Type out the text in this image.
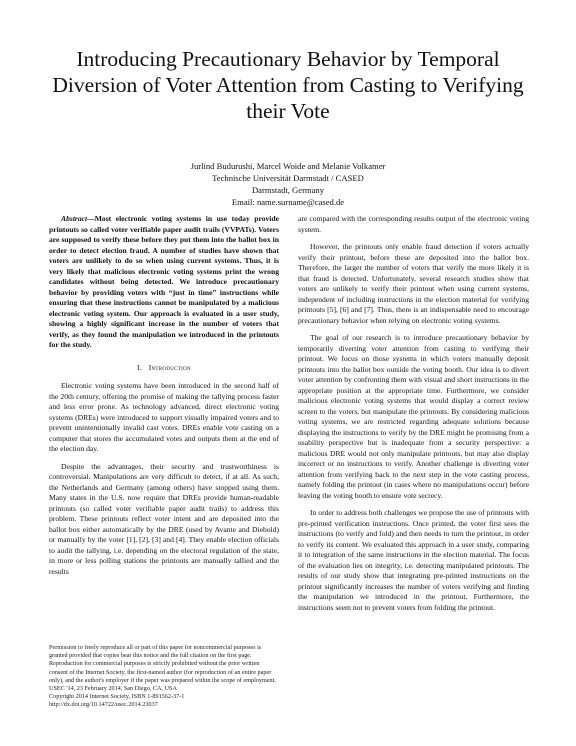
Introducing Precautionary Behavior by Temporal Diversion of Voter Attention from Casting to Verifying their Vote
Jurlind Budurushi, Marcel Woide and Melanie Volkamer
Technische Universität Darmstadt / CASED
Darmstadt, Germany
Email: name.surname@cased.de

Abstract—Most electronic voting systems in use today provide printouts so called voter verifiable paper audit trails (VVPATs). Voters are supposed to verify these before they put them into the ballot box in order to detect election fraud. A number of studies have shown that voters are unlikely to do so when using current systems. Thus, it is very likely that malicious electronic voting systems print the wrong candidates without being detected. We introduce precautionary behavior by providing voters with “just in time” instructions while ensuring that these instructions cannot be manipulated by a malicious electronic voting system. Our approach is evaluated in a user study, showing a highly significant increase in the number of voters that verify, as they found the manipulation we introduced in the printouts for the study.

I. Introduction

Electronic voting systems have been introduced in the second half of the 20th century, offering the promise of making the tallying process faster and less error prone. As technology advanced, direct electronic voting systems (DREs) were introduced to support visually impaired voters and to prevent unintentionally invalid cast votes. DREs enable vote casting on a computer that stores the accumulated votes and outputs them at the end of the election day.

Despite the advantages, their security and trustworthiness is controversial. Manipulations are very difficult to detect, if at all. As such, the Netherlands and Germany (among others) have stopped using them. Many states in the U.S. now require that DREs provide human-readable printouts (so called voter verifiable paper audit trails) to address this problem. These printouts reflect voter intent and are deposited into the ballot box either automatically by the DRE (used by Avante and Diebold) or manually by the voter [1], [2], [3] and [4]. They enable election officials to audit the tallying, i.e. depending on the electoral regulation of the state, in more or less polling stations the printouts are manually tallied and the results

are compared with the corresponding results output of the electronic voting system.

However, the printouts only enable fraud detection if voters actually verify their printout, before these are deposited into the ballot box. Therefore, the larger the number of voters that verify the more likely it is that fraud is detected. Unfortunately, several research studies show that voters are unlikely to verify their printout when using current systems, independent of including instructions in the election material for verifying printouts [5], [6] and [7]. Thus, there is an indispensable need to encourage precautionary behavior when relying on electronic voting systems.

The goal of our research is to introduce precautionary behavior by temporarily diverting voter attention from casting to verifying their printout. We focus on those systems in which voters manually deposit printouts into the ballot box outside the voting booth. Our idea is to divert voter attention by confronting them with visual and short instructions in the appropriate position at the appropriate time. Furthermore, we consider malicious electronic voting systems that would display a correct review screen to the voters, but manipulate the printouts. By considering malicious voting systems, we are restricted regarding adequate solutions because displaying the instructions to verify by the DRE might be promising from a usability perspective but is inadequate from a security perspective: a malicious DRE would not only manipulate printouts, but may also display incorrect or no instructions to verify. Another challenge is diverting voter attention from verifying back to the next step in the vote casting process, namely folding the printout (in cases where no manipulations occur) before leaving the voting booth to ensure vote secrecy.

In order to address both challenges we propose the use of printouts with pre-printed verification instructions. Once printed, the voter first sees the instructions (to verify and fold) and then needs to turn the printout, in order to verify its content. We evaluated this approach in a user study, comparing it to integration of the same instructions in the election material. The focus of the evaluation lies on integrity, i.e. detecting manipulated printouts. The results of our study show that integrating pre-printed instructions on the printout significantly increases the number of voters verifying and finding the manipulation we introduced in the printout. Furthermore, the instructions seem not to prevent voters from folding the printout.

Permission to freely reproduce all or part of this paper for noncommercial purposes is granted provided that copies bear this notice and the full citation on the first page. Reproduction for commercial purposes is strictly prohibited without the prior written consent of the Internet Society, the first-named author (for reproduction of an entire paper only), and the author's employer if the paper was prepared within the scope of employment.
USEC '14, 23 February 2014, San Diego, CA, USA
Copyright 2014 Internet Society, ISBN 1-891562-37-1
http://dx.doi.org/10.14722/usec.2014.23037
